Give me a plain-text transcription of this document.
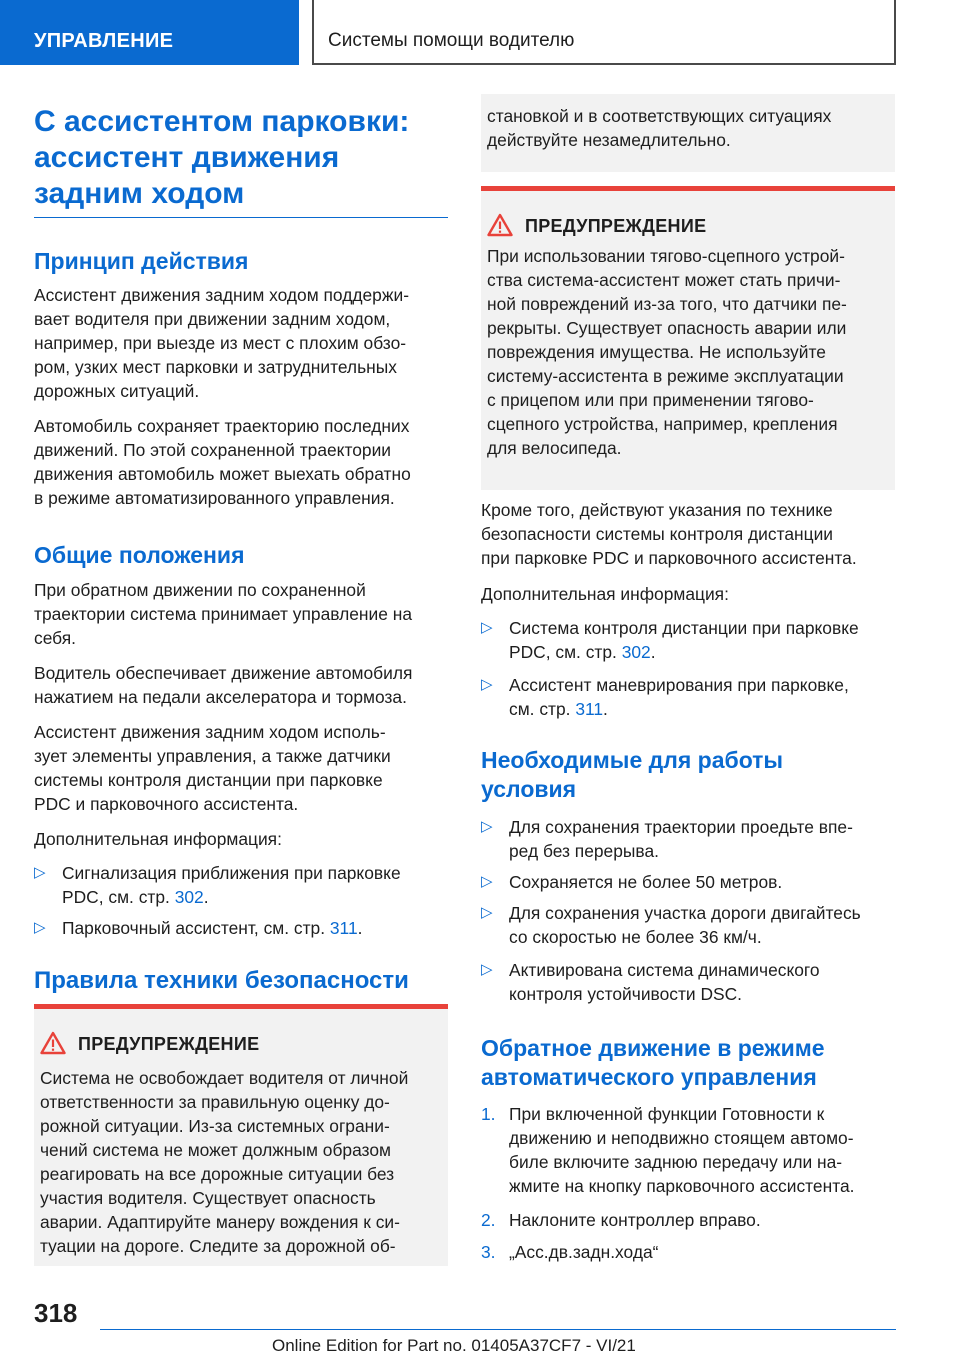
УПРАВЛЕНИЕ	Системы помощи водителю
С ассистентом парковки:
ассистент движения
задним ходом
Принцип действия

Ассистент движения задним ходом поддержи-
вает водителя при движении задним ходом,
например, при выезде из мест с плохим обзо-
ром, узких мест парковки и затруднительных
дорожных ситуаций.

Автомобиль сохраняет траекторию последних
движений. По этой сохраненной траектории
движения автомобиль может выехать обратно
в режиме автоматизированного управления.

Общие положения

При обратном движении по сохраненной
траектории система принимает управление на
себя.

Водитель обеспечивает движение автомобиля
нажатием на педали акселератора и тормоза.

Ассистент движения задним ходом исполь-
зует элементы управления, а также датчики
системы контроля дистанции при парковке
PDC и парковочного ассистента.

Дополнительная информация:

▷ Сигнализация приближения при парковке
PDC, см. стр. 302.
▷ Парковочный ассистент, см. стр. 311.
Правила техники безопасности
ПРЕДУПРЕЖДЕНИЕ
Система не освобождает водителя от личной
ответственности за правильную оценку до-
рожной ситуации. Из-за системных ограни-
чений система не может должным образом
реагировать на все дорожные ситуации без
участия водителя. Существует опасность
аварии. Адаптируйте манеру вождения к си-
туации на дороге. Следите за дорожной об-
становкой и в соответствующих ситуациях
действуйте незамедлительно.
ПРЕДУПРЕЖДЕНИЕ
При использовании тягово-сцепного устрой-
ства система-ассистент может стать причи-
ной повреждений из-за того, что датчики пе-
рекрыты. Существует опасность аварии или
повреждения имущества. Не используйте
систему-ассистента в режиме эксплуатации
с прицепом или при применении тягово-
сцепного устройства, например, крепления
для велосипеда.

Кроме того, действуют указания по технике
безопасности системы контроля дистанции
при парковке PDC и парковочного ассистента.

Дополнительная информация:

▷ Система контроля дистанции при парковке
PDC, см. стр. 302.
▷ Ассистент маневрирования при парковке,
см. стр. 311.
Необходимые для работы
условия
▷ Для сохранения траектории проедьте впе-
ред без перерыва.
▷ Сохраняется не более 50 метров.
▷ Для сохранения участка дороги двигайтесь
со скоростью не более 36 км/ч.
▷ Активирована система динамического
контроля устойчивости DSC.
Обратное движение в режиме
автоматического управления
1. При включенной функции Готовности к
движению и неподвижно стоящем автомо-
биле включите заднюю передачу или на-
жмите на кнопку парковочного ассистента.
2. Наклоните контроллер вправо.
3. „Асс.дв.задн.хода“
318
Online Edition for Part no. 01405A37CF7 - VI/21
